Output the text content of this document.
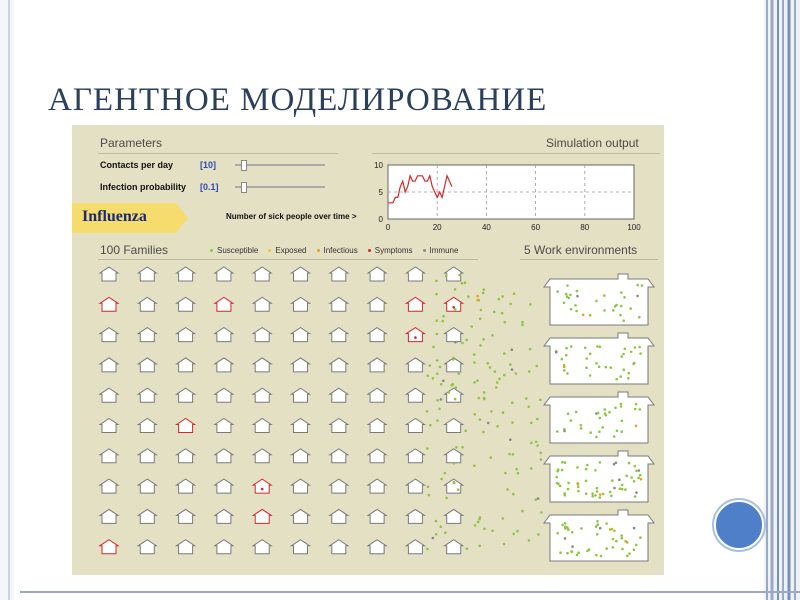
АГЕНТНОЕ МОДЕЛИРОВАНИЕ
Parameters	Simulation output
Contacts per day	[10]
Infection probability [0.1]
Influenza	Number of sick people over time >
0	20	40	60	80	100
0
5
10
100 Families	Susceptible Exposed Infectious Symptoms Immune	5 Work environments
